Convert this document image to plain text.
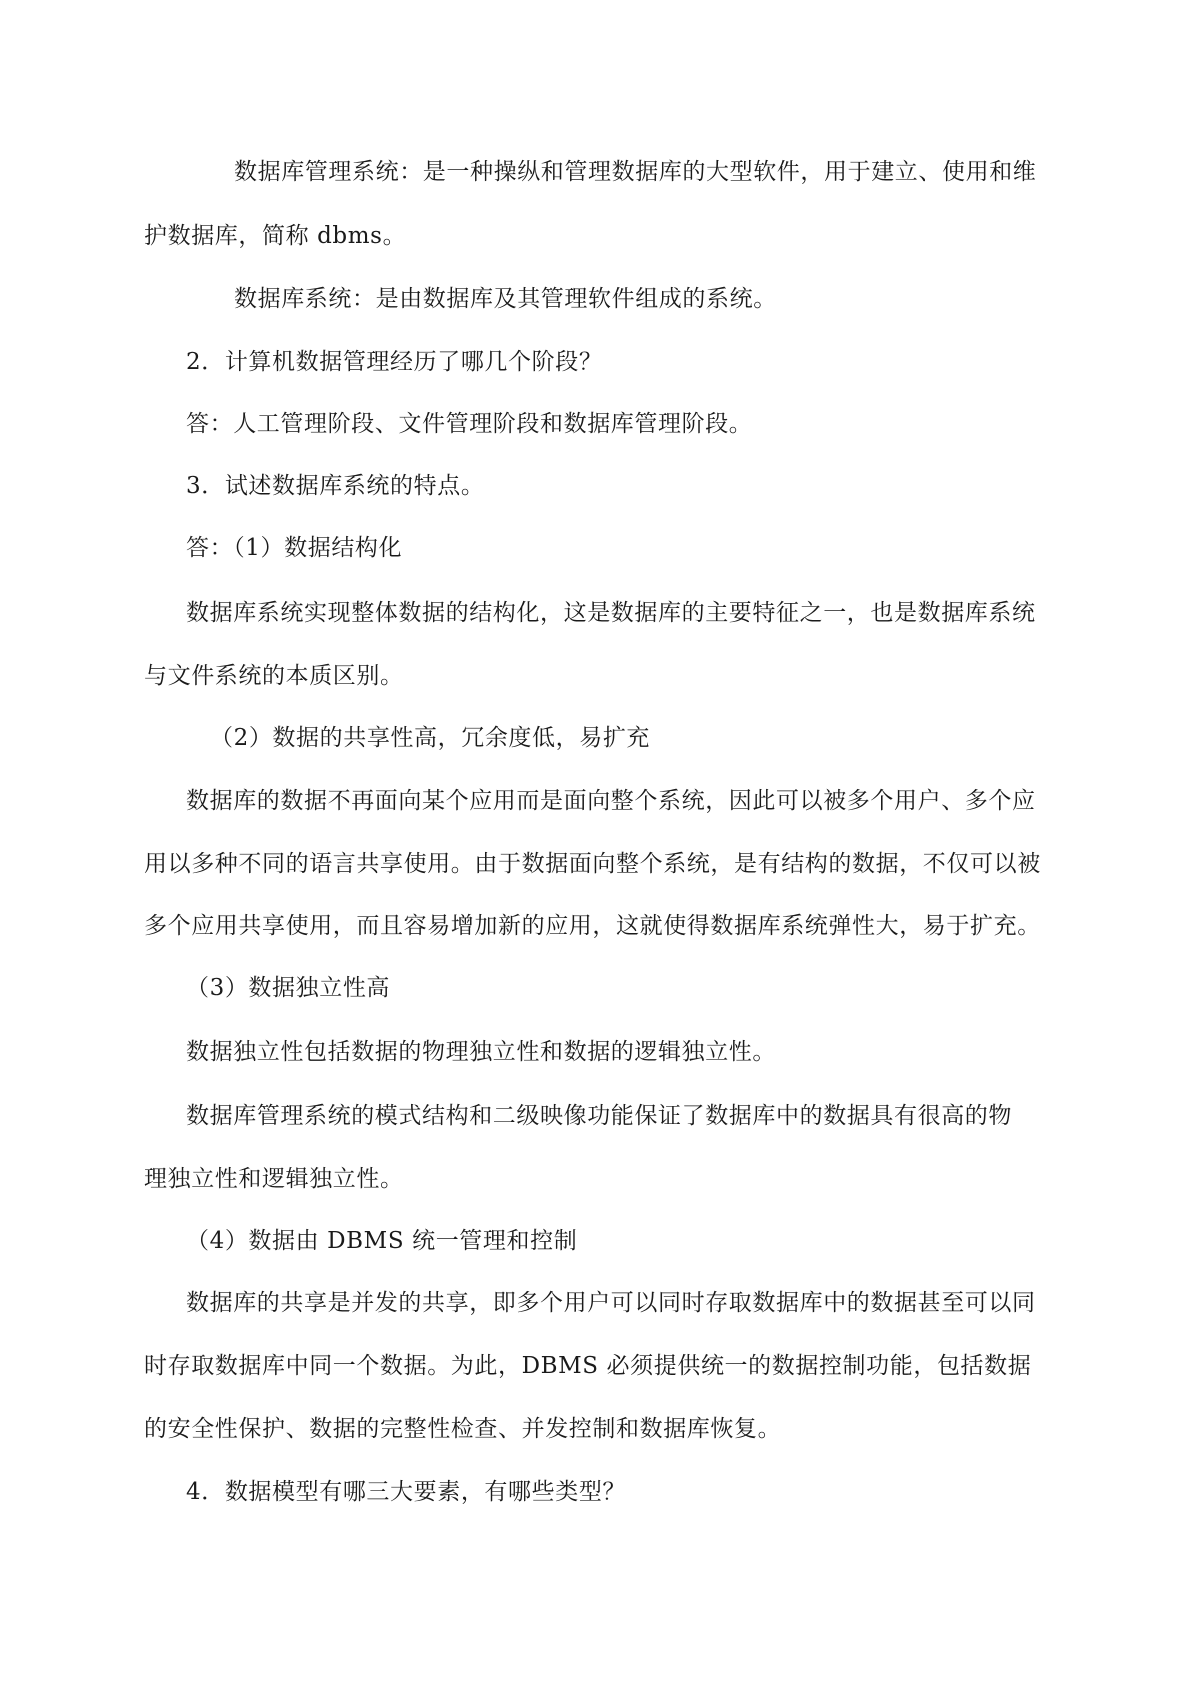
数据库管理系统：是一种操纵和管理数据库的大型软件，用于建立、使用和维
护数据库，简称 dbms。
数据库系统：是由数据库及其管理软件组成的系统。
2．计算机数据管理经历了哪几个阶段？
答：人工管理阶段、文件管理阶段和数据库管理阶段。
3．试述数据库系统的特点。
答：（1）数据结构化
数据库系统实现整体数据的结构化，这是数据库的主要特征之一，也是数据库系统
与文件系统的本质区别。
（2）数据的共享性高，冗余度低，易扩充
数据库的数据不再面向某个应用而是面向整个系统，因此可以被多个用户、多个应
用以多种不同的语言共享使用。由于数据面向整个系统，是有结构的数据，不仅可以被
多个应用共享使用，而且容易增加新的应用，这就使得数据库系统弹性大，易于扩充。
（3）数据独立性高
数据独立性包括数据的物理独立性和数据的逻辑独立性。
数据库管理系统的模式结构和二级映像功能保证了数据库中的数据具有很高的物
理独立性和逻辑独立性。
（4）数据由 DBMS 统一管理和控制
数据库的共享是并发的共享，即多个用户可以同时存取数据库中的数据甚至可以同
时存取数据库中同一个数据。为此，DBMS 必须提供统一的数据控制功能，包括数据
的安全性保护、数据的完整性检查、并发控制和数据库恢复。
4．数据模型有哪三大要素，有哪些类型？
